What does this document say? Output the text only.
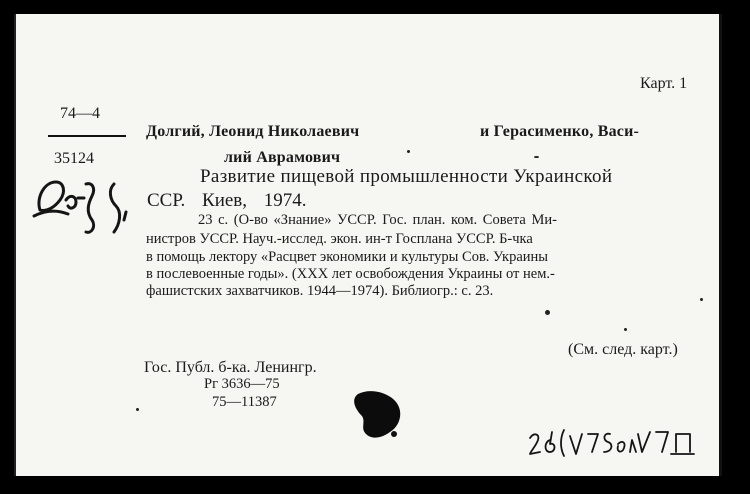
Карт. 1
74—4
35124
Долгий, Леонид Николаевич	и Герасименко, Васи-
лий Аврамович
Развитие пищевой промышленности Украинской
ССР. Киев, 1974.
23 с. (О-во «Знание» УССР. Гос. план. ком. Совета Ми-
нистров УССР. Науч.-исслед. экон. ин-т Госплана УССР. Б-чка
в помощь лектору «Расцвет экономики и культуры Сов. Украины
в послевоенные годы». (XXX лет освобождения Украины от нем.-
фашистских захватчиков. 1944—1974). Библиогр.: с. 23.
(См. след. карт.)
Гос. Публ. б-ка. Ленингр.
Рг 3636—75
75—11387
